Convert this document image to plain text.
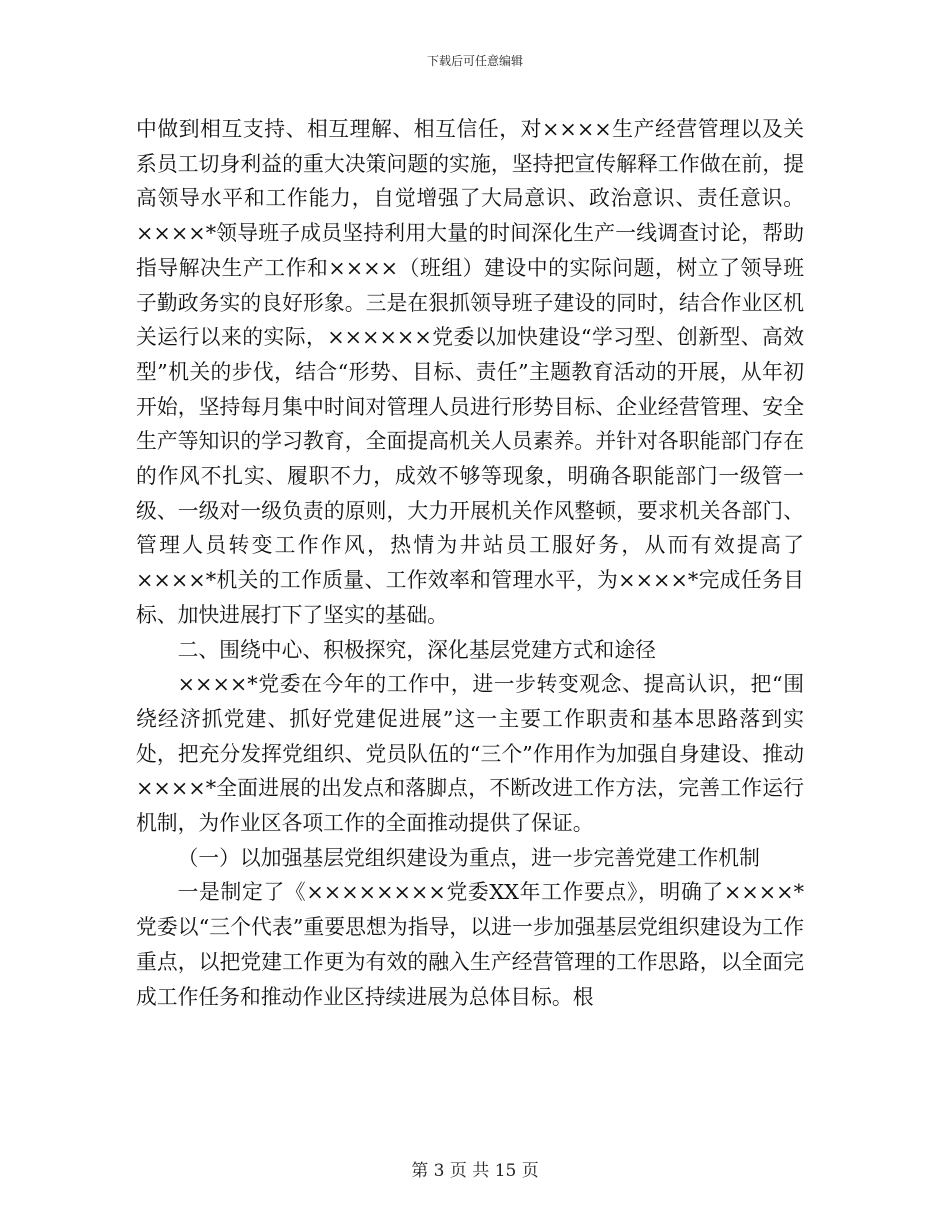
下载后可任意编辑

中做到相互支持、相互理解、相互信任，对××××生产经营管理以及关系员工切身利益的重大决策问题的实施，坚持把宣传解释工作做在前，提高领导水平和工作能力，自觉增强了大局意识、政治意识、责任意识。××××*领导班子成员坚持利用大量的时间深化生产一线调查讨论，帮助指导解决生产工作和××××（班组）建设中的实际问题，树立了领导班子勤政务实的良好形象。三是在狠抓领导班子建设的同时，结合作业区机关运行以来的实际，××××××党委以加快建设“学习型、创新型、高效型”机关的步伐，结合“形势、目标、责任”主题教育活动的开展，从年初开始，坚持每月集中时间对管理人员进行形势目标、企业经营管理、安全生产等知识的学习教育，全面提高机关人员素养。并针对各职能部门存在的作风不扎实、履职不力，成效不够等现象，明确各职能部门一级管一级、一级对一级负责的原则，大力开展机关作风整顿，要求机关各部门、管理人员转变工作作风，热情为井站员工服好务，从而有效提高了××××*机关的工作质量、工作效率和管理水平，为××××*完成任务目标、加快进展打下了坚实的基础。

二、围绕中心、积极探究，深化基层党建方式和途径

××××*党委在今年的工作中，进一步转变观念、提高认识，把“围绕经济抓党建、抓好党建促进展”这一主要工作职责和基本思路落到实处，把充分发挥党组织、党员队伍的“三个”作用作为加强自身建设、推动××××*全面进展的出发点和落脚点，不断改进工作方法，完善工作运行机制，为作业区各项工作的全面推动提供了保证。

（一）以加强基层党组织建设为重点，进一步完善党建工作机制

一是制定了《××××××××党委XX年工作要点》，明确了××××*党委以“三个代表”重要思想为指导，以进一步加强基层党组织建设为工作重点，以把党建工作更为有效的融入生产经营管理的工作思路，以全面完成工作任务和推动作业区持续进展为总体目标。根

第 3 页 共 15 页
